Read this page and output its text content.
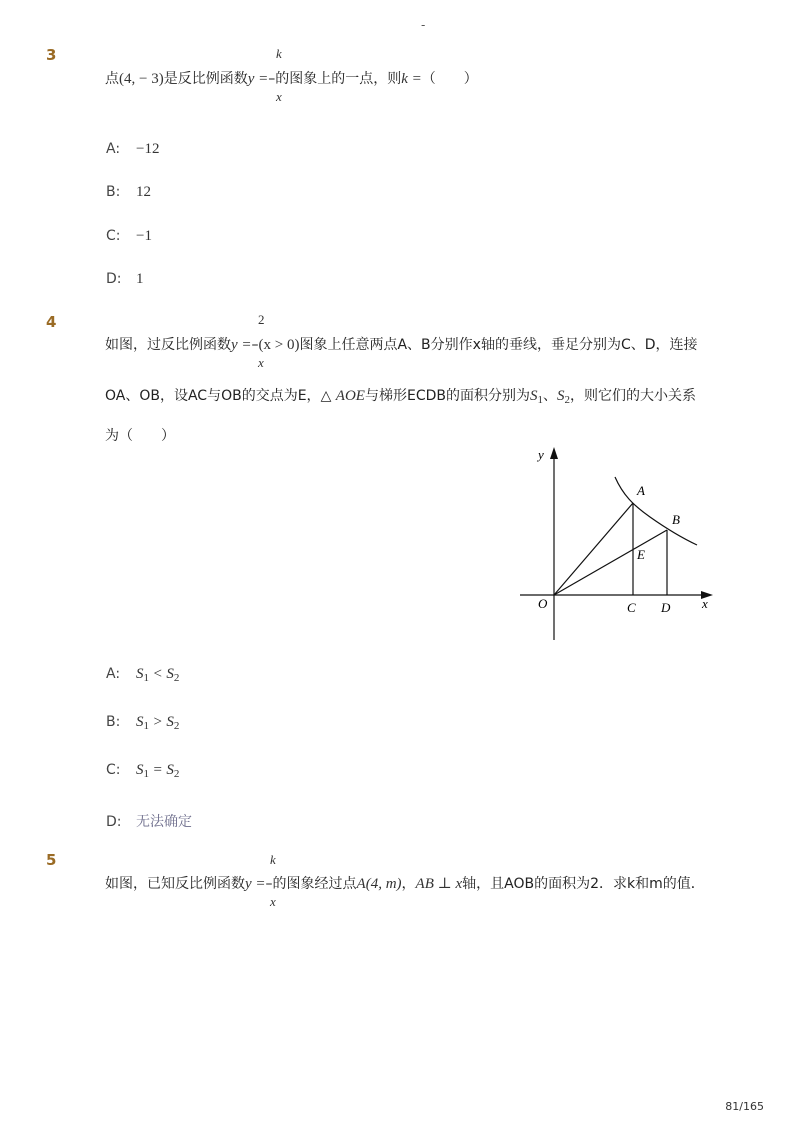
-
3	k
x
点(4, − 3)是反比例函数y =–的图象上的一点，则k =（　　）
A: −12
B: 12
C: −1
D: 1
4	2
x
如图，过反比例函数y =–(x > 0)图象上任意两点A、B分别作x轴的垂线，垂足分别为C、D，连接
OA、OB，设AC与OB的交点为E，△ AOE与梯形ECDB的面积分别为$S_1$、$S_2$，则它们的大小关系
为（　　）
y
x
O
A
B
C D
E
A: $S_1 < S_2$
B: $S_1 > S_2$
C: $S_1 = S_2$
D: 无法确定
5	k
x
如图，已知反比例函数y =–的图象经过点A(4, m)，AB ⊥ x轴，且AOB的面积为2．求k和m的值．
81/165
